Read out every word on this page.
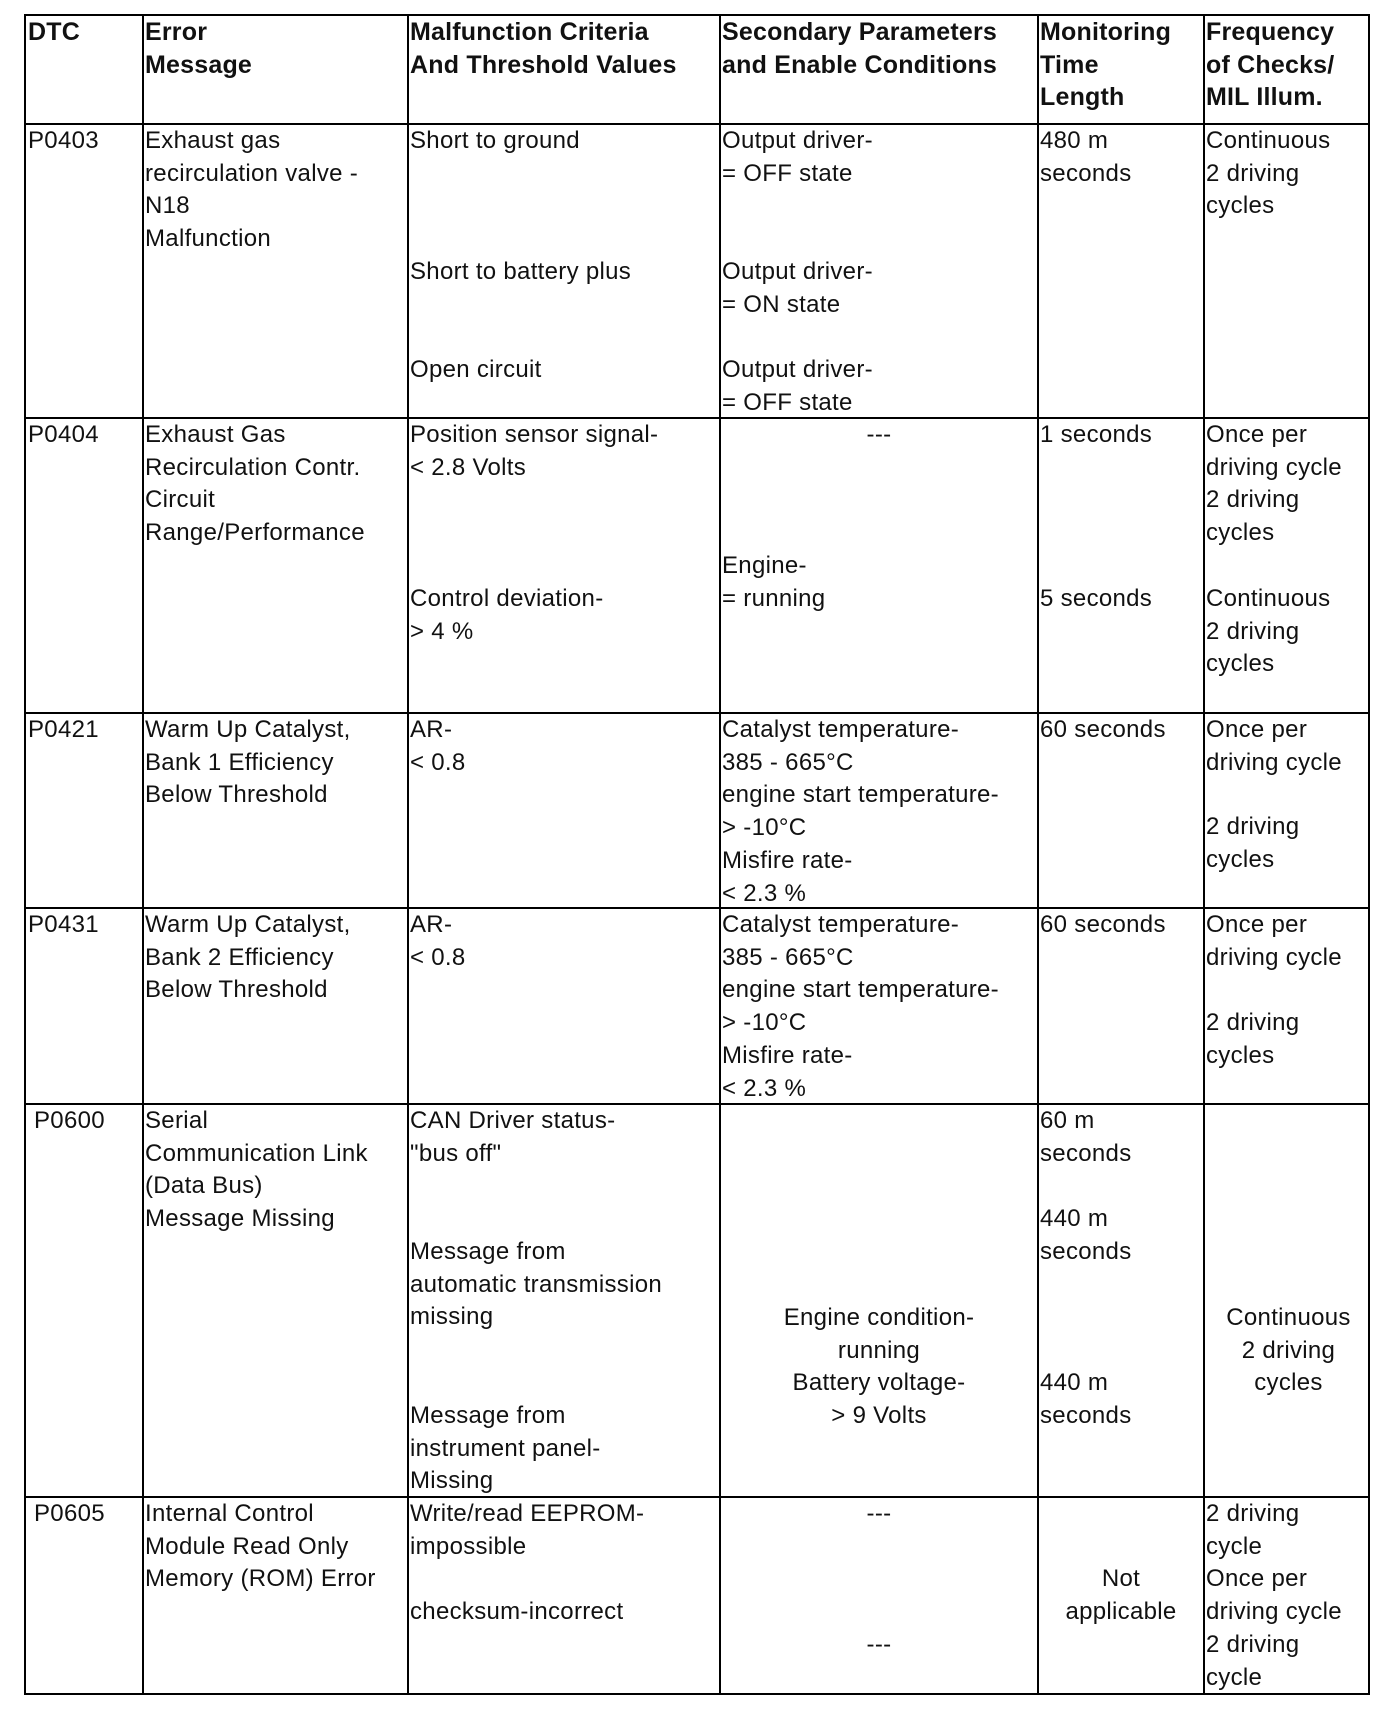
DTC	Error
Message
Malfunction Criteria
And Threshold Values
Secondary Parameters
and Enable Conditions
Monitoring
Time
Length
Frequency
of Checks/
MIL Illum.
P0403 Exhaust gas
recirculation valve -
N18
Malfunction
Short to ground
Short to battery plus
Open circuit
Output driver-
= OFF state
Output driver-
= ON state
Output driver-
= OFF state
480 m
seconds
Continuous
2 driving
cycles
P0404 Exhaust Gas
Recirculation Contr.
Circuit
Range/Performance
Position sensor signal-
< 2.8 Volts
Control deviation-
> 4 %
---
Engine-
= running
1 seconds
5 seconds
Once per
driving cycle
2 driving
cycles
Continuous
2 driving
cycles
P0421 Warm Up Catalyst,
Bank 1 Efficiency
Below Threshold
AR-
< 0.8
Catalyst temperature-
385 - 665°C
engine start temperature-
> -10°C
Misfire rate-
< 2.3 %
60 seconds Once per
driving cycle
2 driving
cycles
P0431 Warm Up Catalyst,
Bank 2 Efficiency
Below Threshold
AR-
< 0.8
Catalyst temperature-
385 - 665°C
engine start temperature-
> -10°C
Misfire rate-
< 2.3 %
60 seconds Once per
driving cycle
2 driving
cycles
P0600 Serial
Communication Link
(Data Bus)
Message Missing
CAN Driver status-
"bus off"
Message from
automatic transmission
missing
Message from
instrument panel-
Missing
Engine condition-
running
Battery voltage-
> 9 Volts
60 m
seconds
440 m
seconds
440 m
seconds
Continuous
2 driving
cycles
P0605 Internal Control
Module Read Only
Memory (ROM) Error
Write/read EEPROM-
impossible
checksum-incorrect
---
---
Not
applicable
2 driving
cycle
Once per
driving cycle
2 driving
cycle
